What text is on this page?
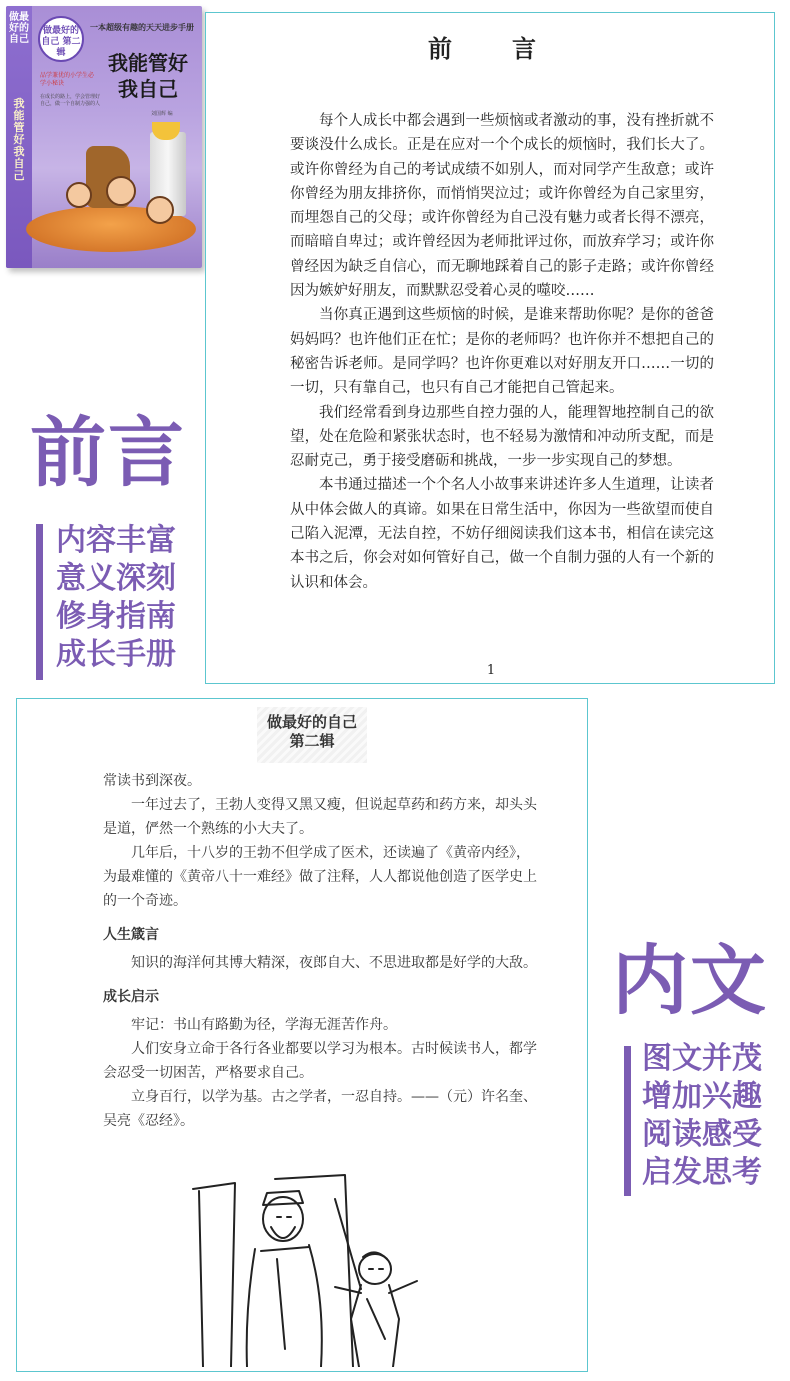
做最好的自己
我能管好我自己
做最好的自己 第二辑
一本超级有趣的天天进步手册
我能管好
我自己
品学兼优的小学生必学小秘诀
在成长的路上，学会管理好自己，做一个自制力强的人
刘国辉 编
前言
内容丰富
意义深刻
修身指南
成长手册
前　言

每个人成长中都会遇到一些烦恼或者激动的事，没有挫折就不要谈没什么成长。正是在应对一个个成长的烦恼时，我们长大了。或许你曾经为自己的考试成绩不如别人，而对同学产生敌意；或许你曾经为朋友排挤你，而悄悄哭泣过；或许你曾经为自己家里穷，而埋怨自己的父母；或许你曾经为自己没有魅力或者长得不漂亮，而暗暗自卑过；或许曾经因为老师批评过你，而放弃学习；或许你曾经因为缺乏自信心，而无聊地踩着自己的影子走路；或许你曾经因为嫉妒好朋友，而默默忍受着心灵的噬咬……

当你真正遇到这些烦恼的时候，是谁来帮助你呢？是你的爸爸妈妈吗？也许他们正在忙；是你的老师吗？也许你并不想把自己的秘密告诉老师。是同学吗？也许你更难以对好朋友开口……一切的一切，只有靠自己，也只有自己才能把自己管起来。

我们经常看到身边那些自控力强的人，能理智地控制自己的欲望，处在危险和紧张状态时，也不轻易为激情和冲动所支配，而是忍耐克己，勇于接受磨砺和挑战，一步一步实现自己的梦想。

本书通过描述一个个名人小故事来讲述许多人生道理，让读者从中体会做人的真谛。如果在日常生活中，你因为一些欲望而使自己陷入泥潭，无法自控，不妨仔细阅读我们这本书，相信在读完这本书之后，你会对如何管好自己，做一个自制力强的人有一个新的认识和体会。

1
做最好的自己
第二辑

常读书到深夜。

一年过去了，王勃人变得又黑又瘦，但说起草药和药方来，却头头是道，俨然一个熟练的小大夫了。

几年后，十八岁的王勃不但学成了医术，还读遍了《黄帝内经》，为最难懂的《黄帝八十一难经》做了注释，人人都说他创造了医学史上的一个奇迹。

人生箴言

知识的海洋何其博大精深，夜郎自大、不思进取都是好学的大敌。

成长启示

牢记：书山有路勤为径，学海无涯苦作舟。

人们安身立命于各行各业都要以学习为根本。古时候读书人，都学会忍受一切困苦，严格要求自己。

立身百行，以学为基。古之学者，一忍自持。——（元）许名奎、吴亮《忍经》。

内文
图文并茂
增加兴趣
阅读感受
启发思考
